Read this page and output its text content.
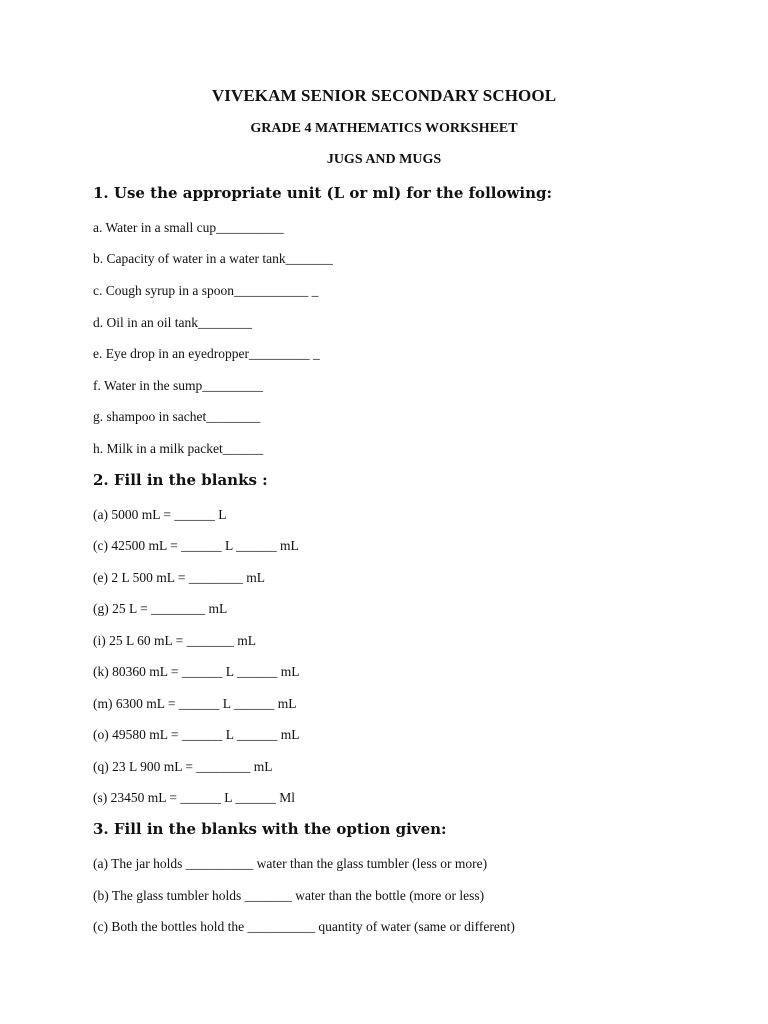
VIVEKAM SENIOR SECONDARY SCHOOL
GRADE 4 MATHEMATICS WORKSHEET
JUGS AND MUGS
1. Use the appropriate unit (L or ml) for the following:
a. Water in a small cup__________
b. Capacity of water in a water tank_______
c. Cough syrup in a spoon___________ _
d. Oil in an oil tank________
e. Eye drop in an eyedropper_________ _
f. Water in the sump_________
g. shampoo in sachet________
h. Milk in a milk packet______
2. Fill in the blanks :
(a) 5000 mL = ______ L
(c) 42500 mL = ______ L ______ mL
(e) 2 L 500 mL = ________ mL
(g) 25 L = ________ mL
(i) 25 L 60 mL = _______ mL
(k) 80360 mL = ______ L ______ mL
(m) 6300 mL = ______ L ______ mL
(o) 49580 mL = ______ L ______ mL
(q) 23 L 900 mL = ________ mL
(s) 23450 mL = ______ L ______ Ml
3. Fill in the blanks with the option given:
(a) The jar holds __________ water than the glass tumbler (less or more)
(b) The glass tumbler holds _______ water than the bottle (more or less)
(c) Both the bottles hold the __________ quantity of water (same or different)
